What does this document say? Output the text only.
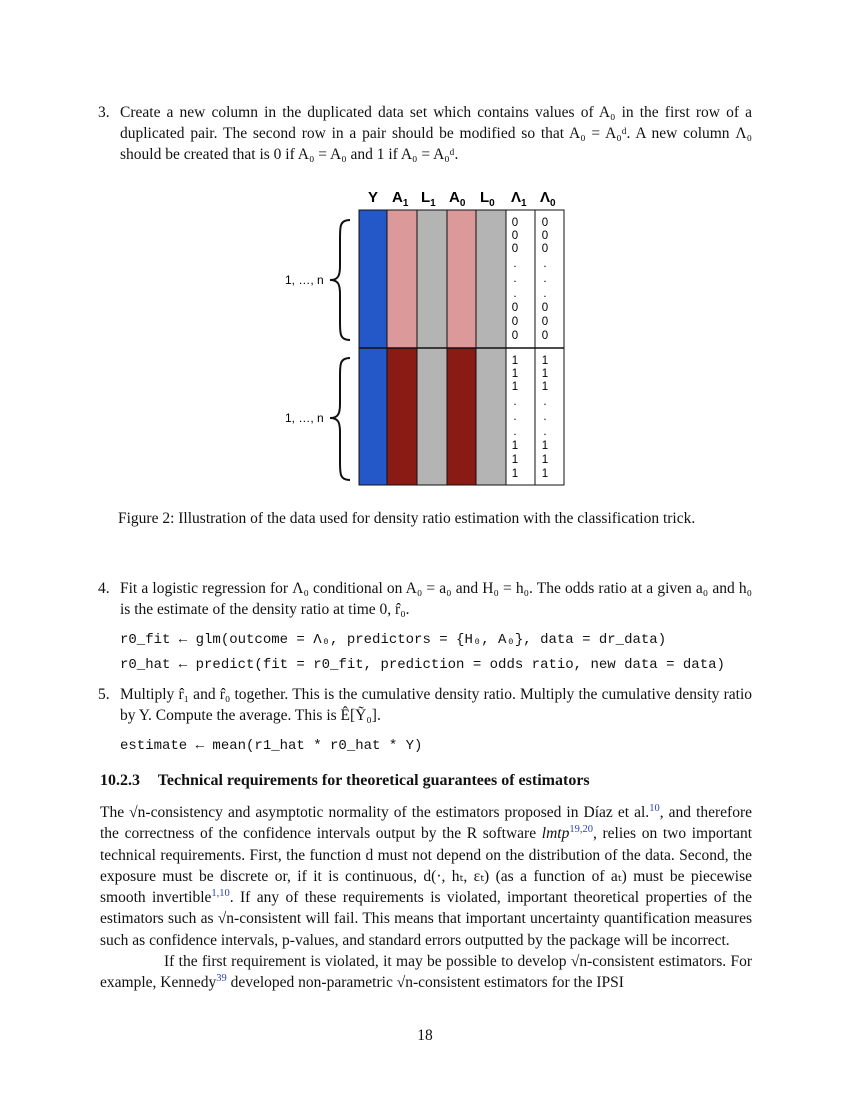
3. Create a new column in the duplicated data set which contains values of A₀ in the first row of a duplicated pair. The second row in a pair should be modified so that A₀ = A₀ᵈ. A new column Λ₀ should be created that is 0 if A₀ = A₀ and 1 if A₀ = A₀ᵈ.

Y $A_1$ $L_1$ $A_0$ $L_0$ $\Lambda_1$ $\Lambda_0$
0
0
0
.
.
.
0
0
0
1
1
1
.
.
.
1
1
1
0
0
0
.
.
.
0
0
0
1
1
1
.
.
.
1
1
1
1, …, n
1, …, n
Figure 2: Illustration of the data used for density ratio estimation with the classification trick.
4. Fit a logistic regression for Λ₀ conditional on A₀ = a₀ and H₀ = h₀. The odds ratio at a given a₀ and h₀ is the estimate of the density ratio at time 0, r̂₀.

r0_fit ← glm(outcome = Λ₀, predictors = {H₀, A₀}, data = dr_data)
r0_hat ← predict(fit = r0_fit, prediction = odds ratio, new data = data)
5. Multiply r̂₁ and r̂₀ together. This is the cumulative density ratio. Multiply the cumulative density ratio by Y. Compute the average. This is Ê[Ỹ₀].

estimate ← mean(r1_hat * r0_hat * Y)
10.2.3 Technical requirements for theoretical guarantees of estimators

The √n-consistency and asymptotic normality of the estimators proposed in Díaz et al.$^{10}$, and therefore the correctness of the confidence intervals output by the R software lmtp$^{19,20}$, relies on two important technical requirements. First, the function d must not depend on the distribution of the data. Second, the exposure must be discrete or, if it is continuous, d(·, hₜ, εₜ) (as a function of aₜ) must be piecewise smooth invertible$^{1,10}$. If any of these requirements is violated, important theoretical properties of the estimators such as √n-consistent will fail. This means that important uncertainty quantification measures such as confidence intervals, p-values, and standard errors outputted by the package will be incorrect.

If the first requirement is violated, it may be possible to develop √n-consistent estimators. For example, Kennedy$^{39}$ developed non-parametric √n-consistent estimators for the IPSI

18
